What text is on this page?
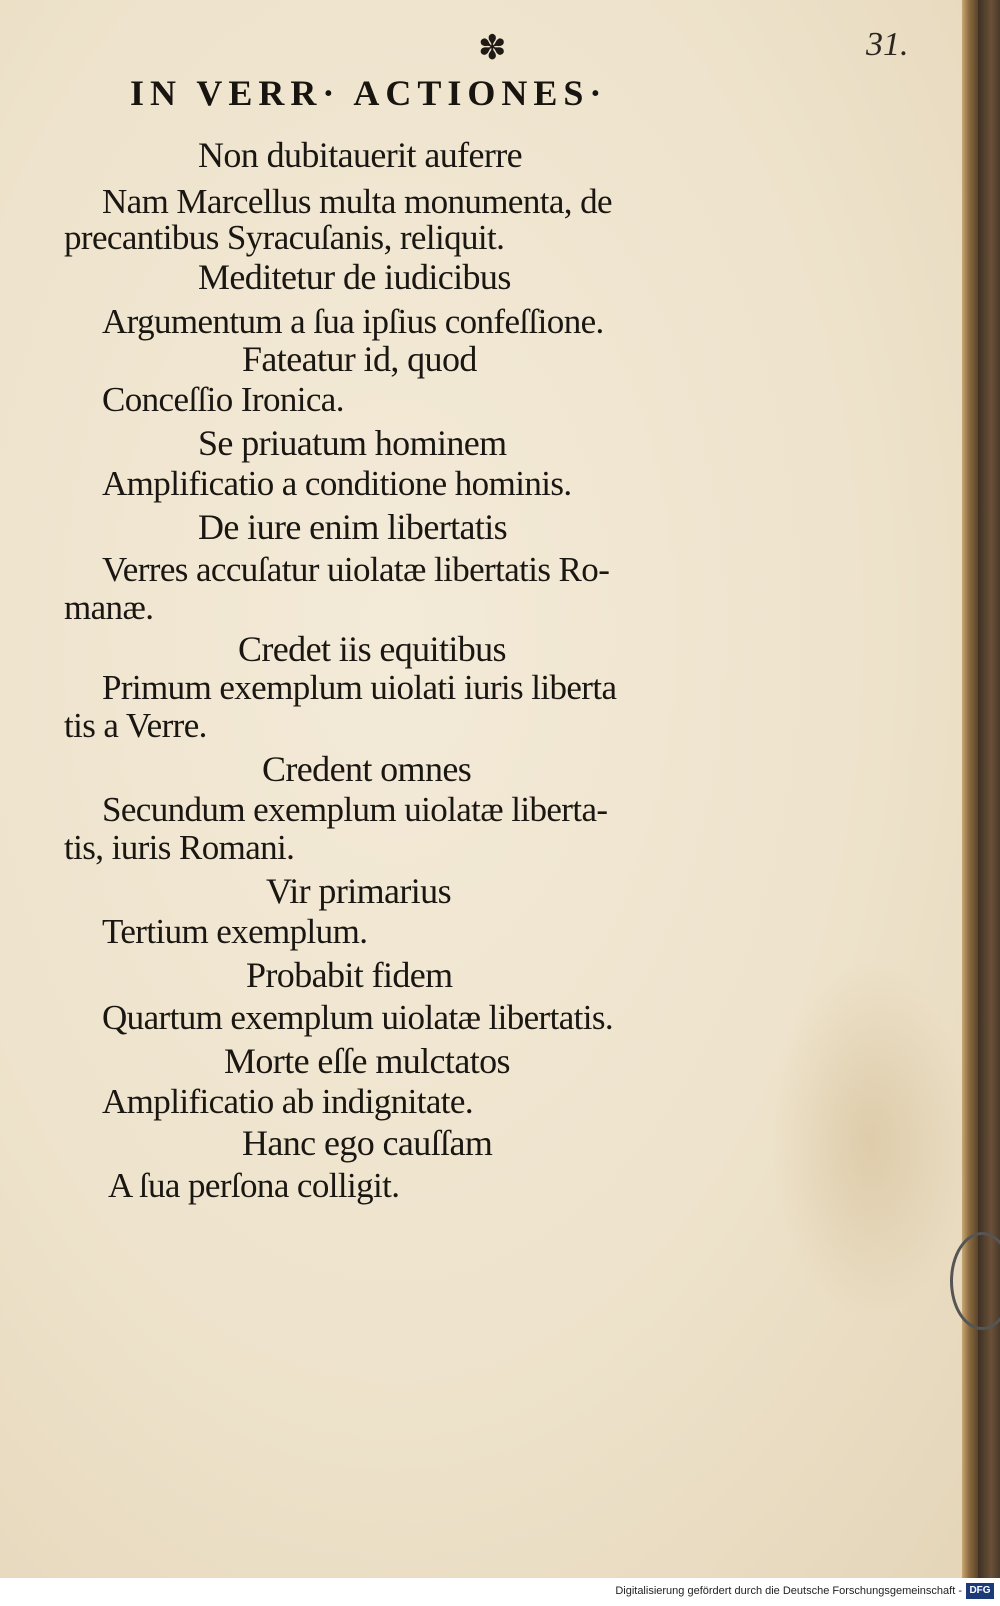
✽	31.
IN VERR· ACTIONES·
Non dubitauerit auferre
Nam Marcellus multa monumenta, de
precantibus Syracuſanis, reliquit.
Meditetur de iudicibus
Argumentum a ſua ipſius confeſſione.
Fateatur id, quod
Conceſſio Ironica.
Se priuatum hominem
Amplificatio a conditione hominis.
De iure enim libertatis
Verres accuſatur uiolatæ libertatis Ro-
manæ.
Credet iis equitibus
Primum exemplum uiolati iuris liberta
tis a Verre.
Credent omnes
Secundum exemplum uiolatæ liberta-
tis, iuris Romani.
Vir primarius
Tertium exemplum.
Probabit fidem
Quartum exemplum uiolatæ libertatis.
Morte eſſe mulctatos
Amplificatio ab indignitate.
Hanc ego cauſſam
A ſua perſona colligit.
Digitalisierung gefördert durch die Deutsche Forschungsgemeinschaft - DFG
